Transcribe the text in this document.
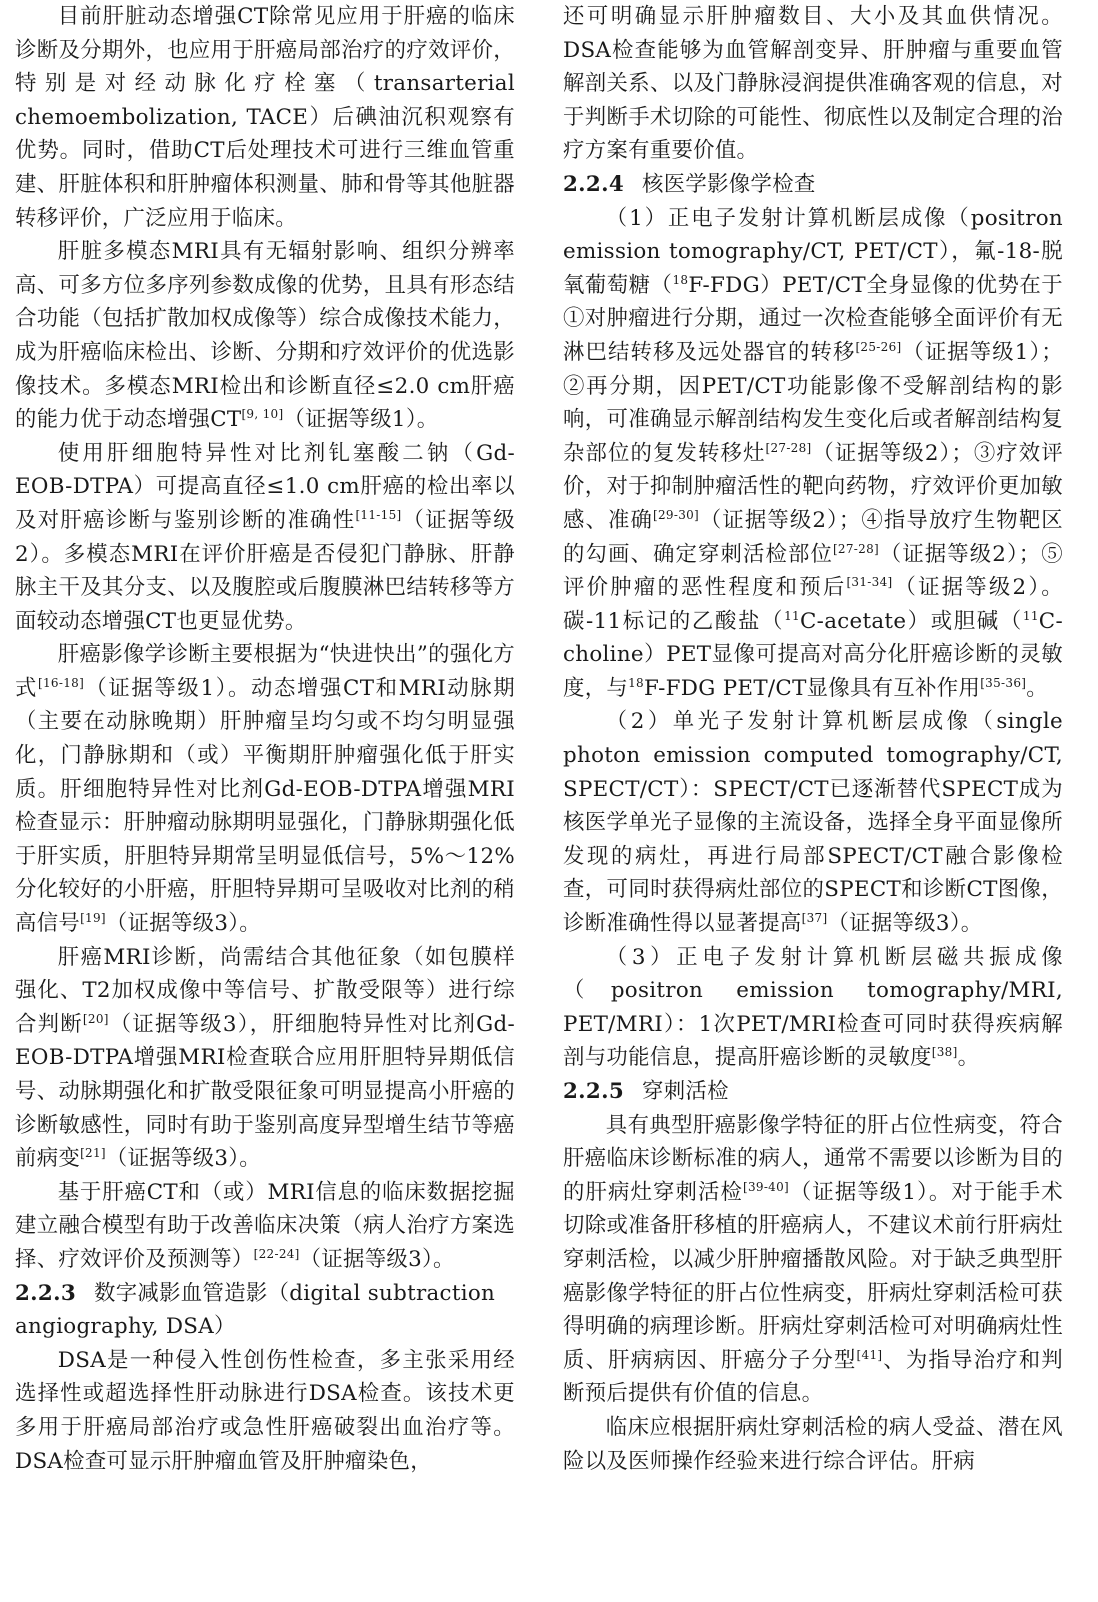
目前肝脏动态增强CT除常见应用于肝癌的临床诊断及分期外，也应用于肝癌局部治疗的疗效评价，特别是对经动脉化疗栓塞（transarterial chemoembolization, TACE）后碘油沉积观察有优势。同时，借助CT后处理技术可进行三维血管重建、肝脏体积和肝肿瘤体积测量、肺和骨等其他脏器转移评价，广泛应用于临床。

肝脏多模态MRI具有无辐射影响、组织分辨率高、可多方位多序列参数成像的优势，且具有形态结合功能（包括扩散加权成像等）综合成像技术能力，成为肝癌临床检出、诊断、分期和疗效评价的优选影像技术。多模态MRI检出和诊断直径≤2.0 cm肝癌的能力优于动态增强CT[9, 10]（证据等级1）。

使用肝细胞特异性对比剂钆塞酸二钠（Gd-EOB-DTPA）可提高直径≤1.0 cm肝癌的检出率以及对肝癌诊断与鉴别诊断的准确性[11-15]（证据等级2）。多模态MRI在评价肝癌是否侵犯门静脉、肝静脉主干及其分支、以及腹腔或后腹膜淋巴结转移等方面较动态增强CT也更显优势。

肝癌影像学诊断主要根据为“快进快出”的强化方式[16-18]（证据等级1）。动态增强CT和MRI动脉期（主要在动脉晚期）肝肿瘤呈均匀或不均匀明显强化，门静脉期和（或）平衡期肝肿瘤强化低于肝实质。肝细胞特异性对比剂Gd-EOB-DTPA增强MRI检查显示：肝肿瘤动脉期明显强化，门静脉期强化低于肝实质，肝胆特异期常呈明显低信号，5%～12%分化较好的小肝癌，肝胆特异期可呈吸收对比剂的稍高信号[19]（证据等级3）。

肝癌MRI诊断，尚需结合其他征象（如包膜样强化、T2加权成像中等信号、扩散受限等）进行综合判断[20]（证据等级3），肝细胞特异性对比剂Gd-EOB-DTPA增强MRI检查联合应用肝胆特异期低信号、动脉期强化和扩散受限征象可明显提高小肝癌的诊断敏感性，同时有助于鉴别高度异型增生结节等癌前病变[21]（证据等级3）。

基于肝癌CT和（或）MRI信息的临床数据挖掘建立融合模型有助于改善临床决策（病人治疗方案选择、疗效评价及预测等）[22-24]（证据等级3）。

2.2.3 数字减影血管造影（digital subtraction angiography, DSA）

DSA是一种侵入性创伤性检查，多主张采用经选择性或超选择性肝动脉进行DSA检查。该技术更多用于肝癌局部治疗或急性肝癌破裂出血治疗等。DSA检查可显示肝肿瘤血管及肝肿瘤染色，

还可明确显示肝肿瘤数目、大小及其血供情况。DSA检查能够为血管解剖变异、肝肿瘤与重要血管解剖关系、以及门静脉浸润提供准确客观的信息，对于判断手术切除的可能性、彻底性以及制定合理的治疗方案有重要价值。

2.2.4 核医学影像学检查

（1）正电子发射计算机断层成像（positron emission tomography/CT, PET/CT），氟-18-脱氧葡萄糖（$^{18}$F-FDG）PET/CT全身显像的优势在于①对肿瘤进行分期，通过一次检查能够全面评价有无淋巴结转移及远处器官的转移[25-26]（证据等级1）；②再分期，因PET/CT功能影像不受解剖结构的影响，可准确显示解剖结构发生变化后或者解剖结构复杂部位的复发转移灶[27-28]（证据等级2）；③疗效评价，对于抑制肿瘤活性的靶向药物，疗效评价更加敏感、准确[29-30]（证据等级2）；④指导放疗生物靶区的勾画、确定穿刺活检部位[27-28]（证据等级2）；⑤评价肿瘤的恶性程度和预后[31-34]（证据等级2）。碳-11标记的乙酸盐（$^{11}$C-acetate）或胆碱（$^{11}$C-choline）PET显像可提高对高分化肝癌诊断的灵敏度，与$^{18}$F-FDG PET/CT显像具有互补作用[35-36]。

（2）单光子发射计算机断层成像（single photon emission computed tomography/CT, SPECT/CT）：SPECT/CT已逐渐替代SPECT成为核医学单光子显像的主流设备，选择全身平面显像所发现的病灶，再进行局部SPECT/CT融合影像检查，可同时获得病灶部位的SPECT和诊断CT图像，诊断准确性得以显著提高[37]（证据等级3）。

（3）正电子发射计算机断层磁共振成像（positron emission tomography/MRI, PET/MRI）：1次PET/MRI检查可同时获得疾病解剖与功能信息，提高肝癌诊断的灵敏度[38]。

2.2.5 穿刺活检

具有典型肝癌影像学特征的肝占位性病变，符合肝癌临床诊断标准的病人，通常不需要以诊断为目的的肝病灶穿刺活检[39-40]（证据等级1）。对于能手术切除或准备肝移植的肝癌病人，不建议术前行肝病灶穿刺活检，以减少肝肿瘤播散风险。对于缺乏典型肝癌影像学特征的肝占位性病变，肝病灶穿刺活检可获得明确的病理诊断。肝病灶穿刺活检可对明确病灶性质、肝病病因、肝癌分子分型[41]、为指导治疗和判断预后提供有价值的信息。

临床应根据肝病灶穿刺活检的病人受益、潜在风险以及医师操作经验来进行综合评估。肝病
